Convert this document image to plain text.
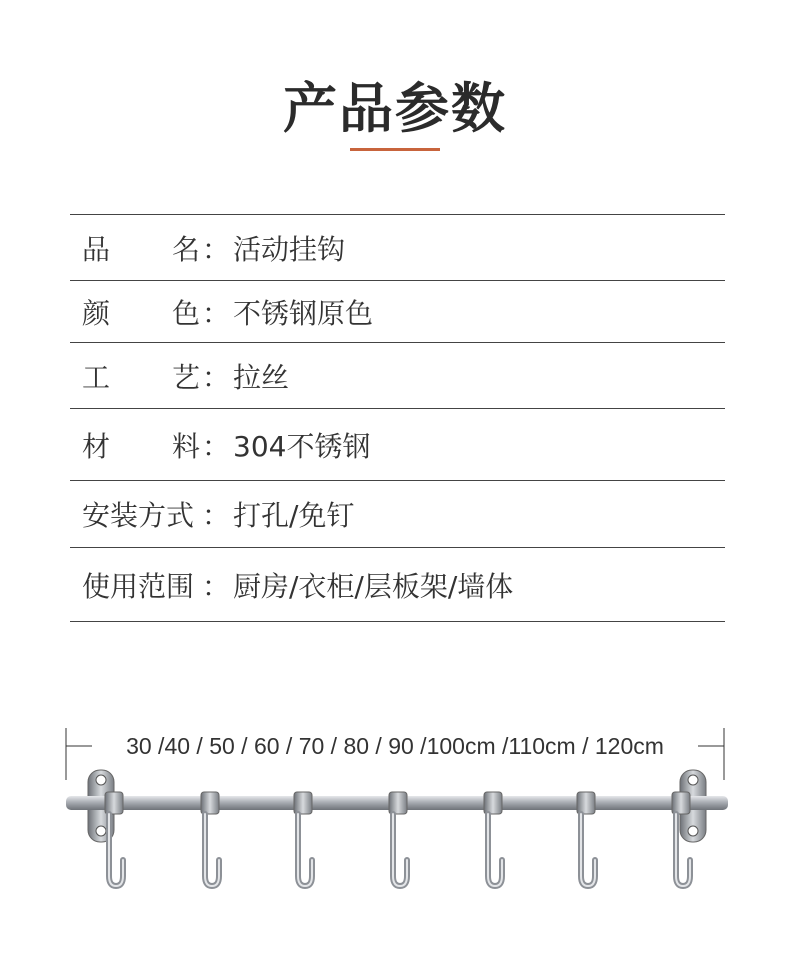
产品参数
品 名 ： 活动挂钩
颜 色 ： 不锈钢原色
工 艺 ： 拉丝
材 料 ： 304不锈钢
安装方式 ： 打孔/免钉
使用范围 ： 厨房/衣柜/层板架/墙体
30 /40 / 50 / 60 / 70 / 80 / 90 /100cm /110cm / 120cm
